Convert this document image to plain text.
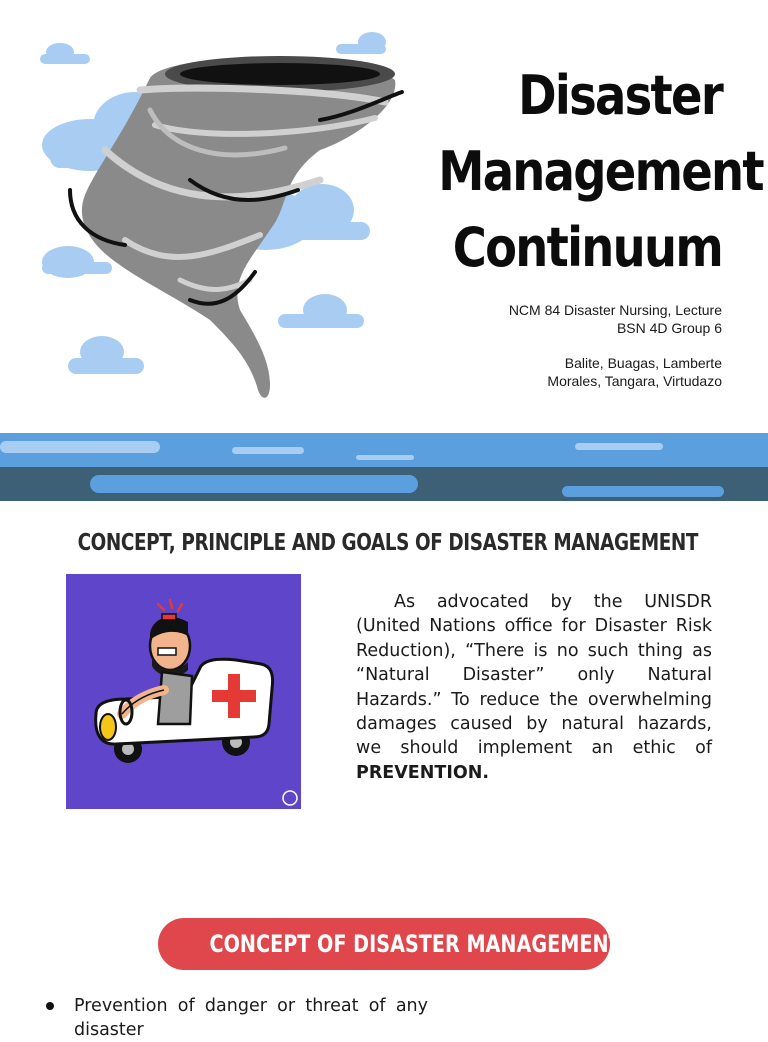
Disaster
Management
Continuum
NCM 84 Disaster Nursing, Lecture
BSN 4D Group 6
Balite, Buagas, Lamberte
Morales, Tangara, Virtudazo
CONCEPT, PRINCIPLE AND GOALS OF DISASTER MANAGEMENT
As advocated by the UNISDR
(United Nations office for Disaster Risk
Reduction), “There is no such thing as
“Natural Disaster” only Natural
Hazards.” To reduce the overwhelming
damages caused by natural hazards,
we should implement an ethic of
PREVENTION.
CONCEPT OF DISASTER MANAGEMENT
Prevention of danger or threat of any disaster
